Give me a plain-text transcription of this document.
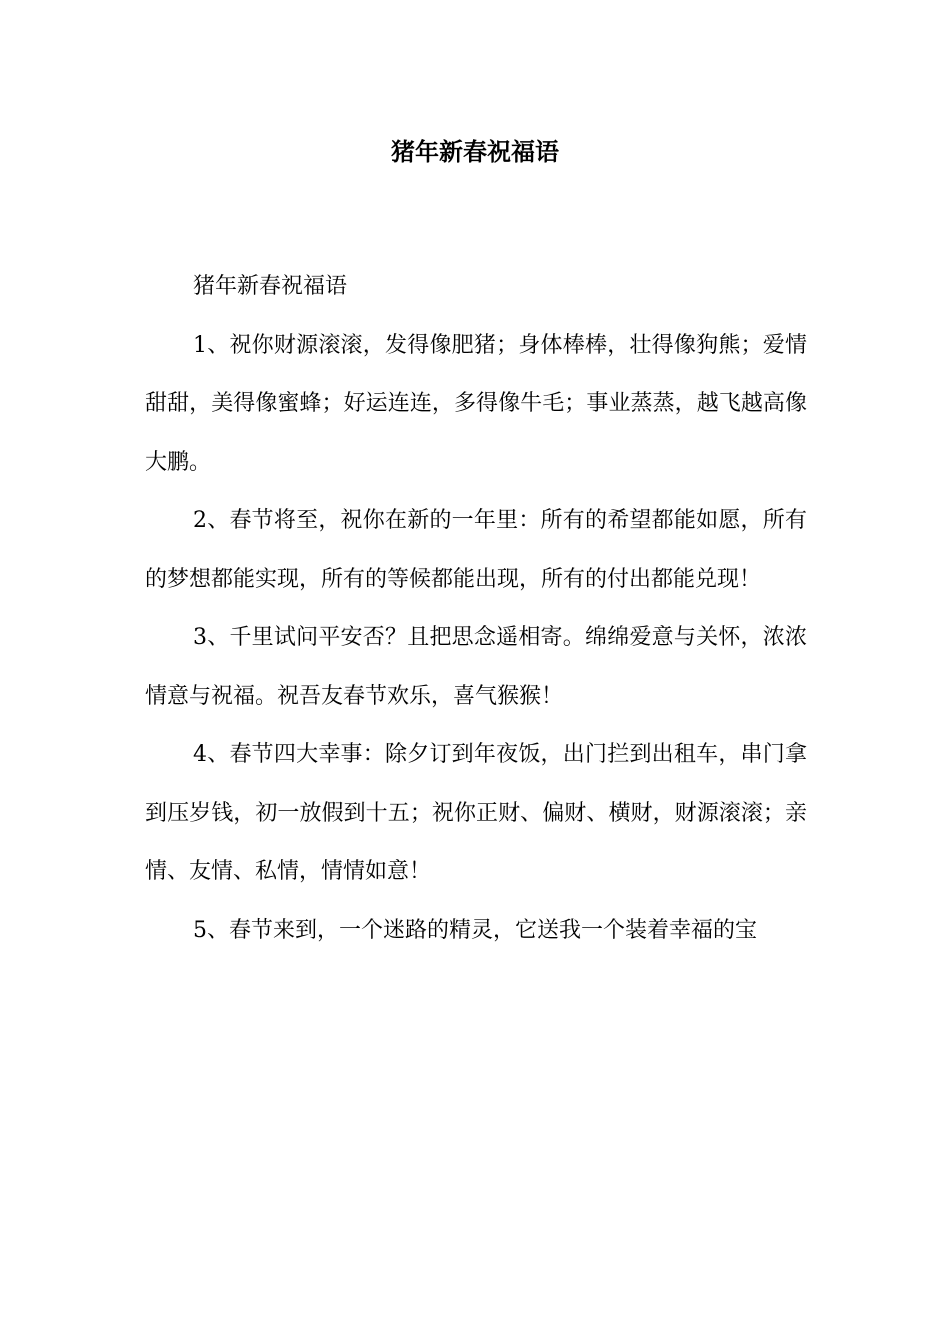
猪年新春祝福语

猪年新春祝福语

1、祝你财源滚滚，发得像肥猪；身体棒棒，壮得像狗熊；爱情甜甜，美得像蜜蜂；好运连连，多得像牛毛；事业蒸蒸，越飞越高像大鹏。

2、春节将至，祝你在新的一年里：所有的希望都能如愿，所有的梦想都能实现，所有的等候都能出现，所有的付出都能兑现！

3、千里试问平安否？且把思念遥相寄。绵绵爱意与关怀，浓浓情意与祝福。祝吾友春节欢乐，喜气猴猴！

4、春节四大幸事：除夕订到年夜饭，出门拦到出租车，串门拿到压岁钱，初一放假到十五；祝你正财、偏财、横财，财源滚滚；亲情、友情、私情，情情如意！

5、春节来到，一个迷路的精灵，它送我一个装着幸福的宝
